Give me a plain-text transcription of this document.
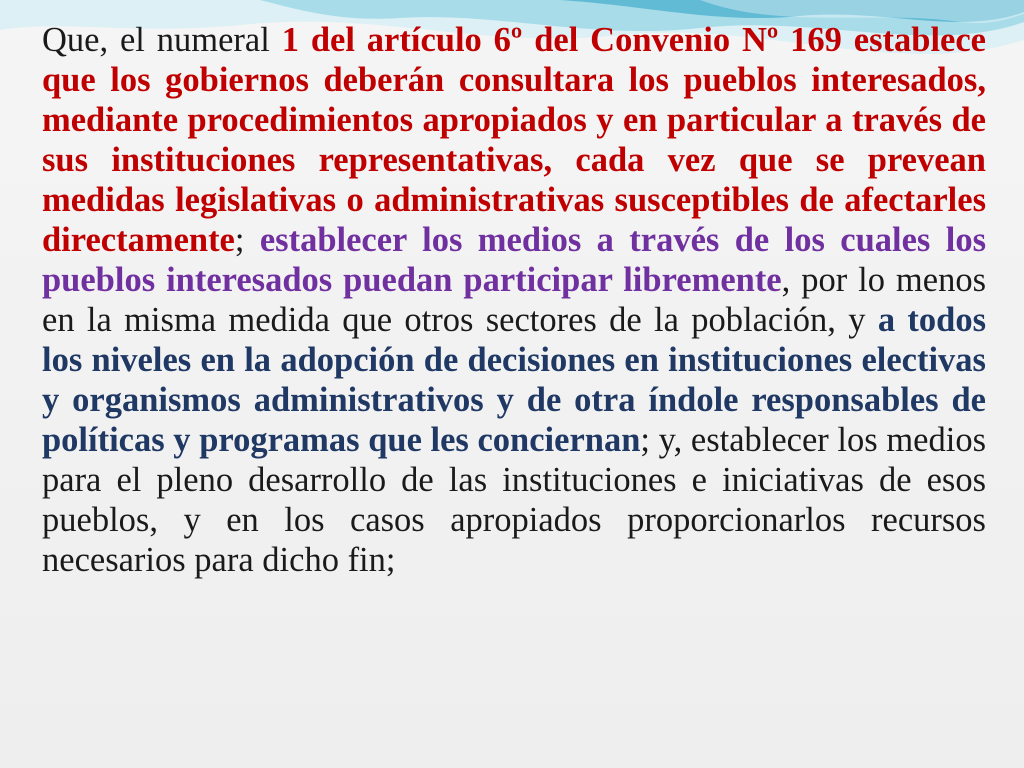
Que, el numeral 1 del artículo 6º del Convenio Nº 169 establece que los gobiernos deberán consultara los pueblos interesados, mediante procedimientos apropiados y en particular a través de sus instituciones representativas, cada vez que se prevean medidas legislativas o administrativas susceptibles de afectarles directamente; establecer los medios a través de los cuales los pueblos interesados puedan participar libremente, por lo menos en la misma medida que otros sectores de la población, y a todos los niveles en la adopción de decisiones en instituciones electivas y organismos administrativos y de otra índole responsables de políticas y programas que les conciernan; y, establecer los medios para el pleno desarrollo de las instituciones e iniciativas de esos pueblos, y en los casos apropiados proporcionarlos recursos necesarios para dicho fin;
